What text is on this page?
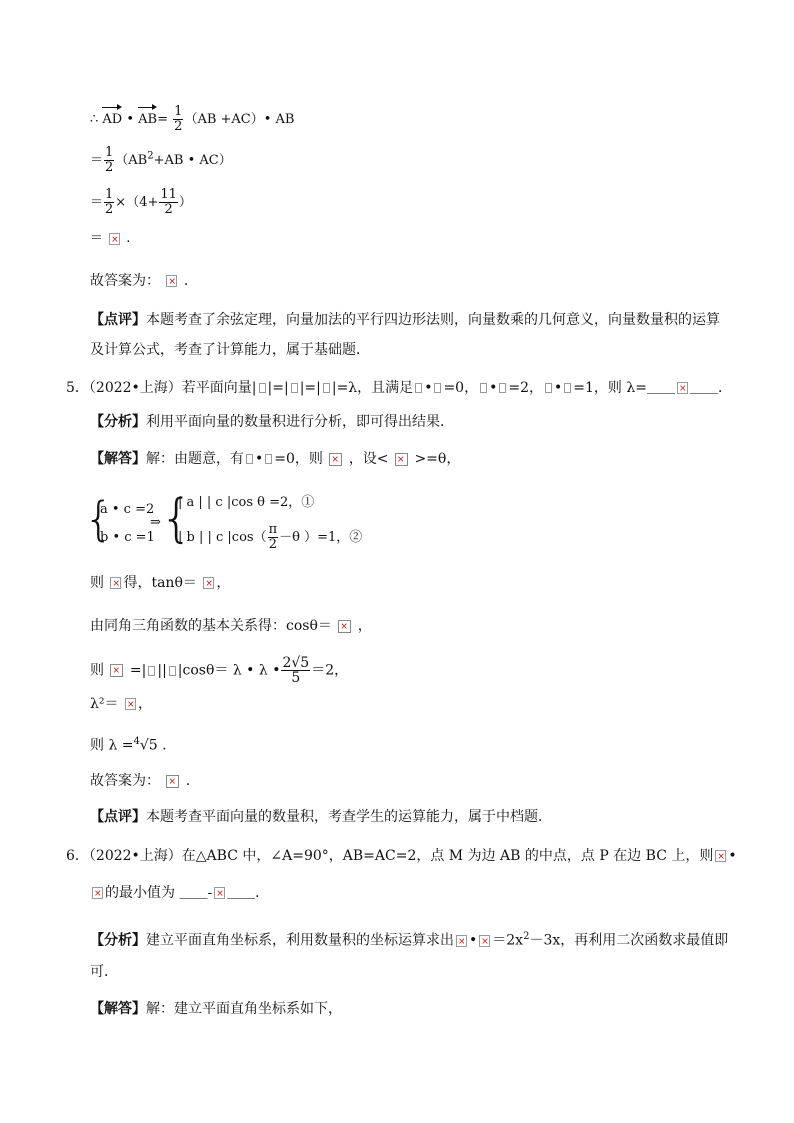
∴ AD • $AB= \frac{1}{2} (AB$ +AC）• AB
＝ $\frac{1}{2} (AB^2+AB$ • AC）
＝ $\frac{1}{2} \times(4+ \frac{11}{2}$ ）
＝ × .
故答案为： × .
【点评】本题考查了余弦定理，向量加法的平行四边形法则，向量数乘的几何意义，向量数量积的运算
及计算公式，考查了计算能力，属于基础题．
5．（2022•上海）若平面向量| |=| |=| |=λ，且满足 • =0， • =2， • =1，则 λ=＿＿ × ＿＿．
【分析】利用平面向量的数量积进行分析，即可得出结果．
【解答】解：由题意，有 • =0，则 × ，设< × >=θ，
{
a • c =2
b • c =1
⇒ {
| a | | c |cos θ =2，①
| b | | c $|\cos( \frac{\pi}{2} -\theta$ ）=1，②
则 × 得，tanθ＝ × ，
由同角三角函数的基本关系得：cosθ＝ × ，
则 × =| || |cosθ＝ λ • λ • $\frac{2√5}{5} =2$，
λ²＝ × ，
则 λ =$^4$√5 .
故答案为： × .
【点评】本题考查平面向量的数量积，考查学生的运算能力，属于中档题．
6．（2022•上海）在△ABC 中，∠A=90°，AB=AC=2，点 M 为边 AB 的中点，点 P 在边 BC 上，则 × •
×的最小值为 ＿＿- × ＿＿．
【分析】建立平面直角坐标系，利用数量积的坐标运算求出 × • × $=2x^2-3x$，再利用二次函数求最值即
可．
【解答】解：建立平面直角坐标系如下，
